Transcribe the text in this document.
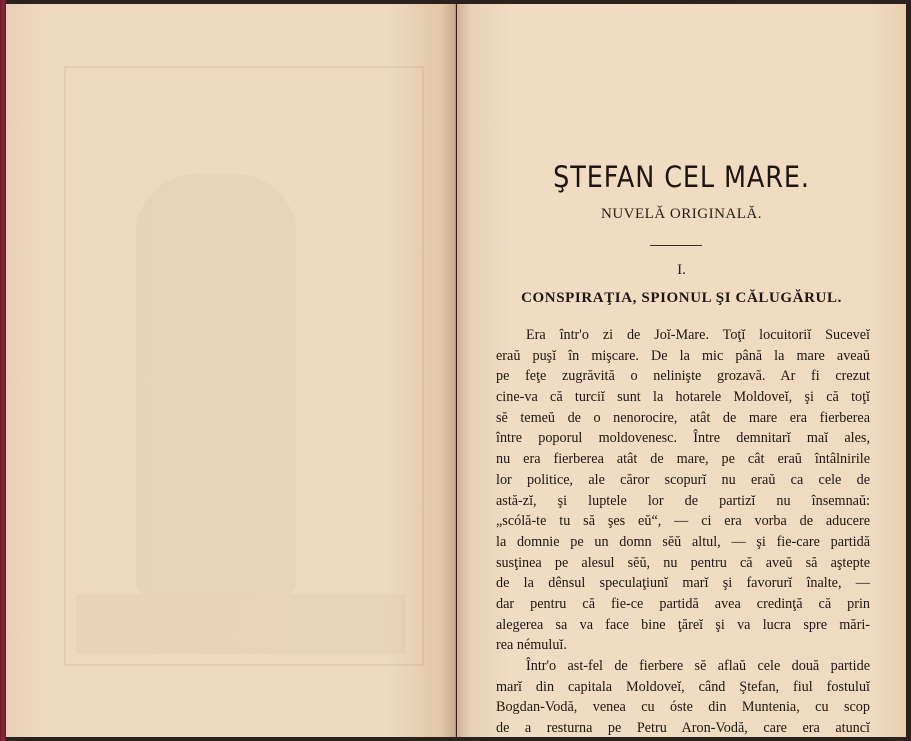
ŞTEFAN CEL MARE.
NUVELĂ ORIGINALĂ.
I.
CONSPIRAŢIA, SPIONUL ŞI CĂLUGĂRUL.
Era într'o zi de Joĭ-Mare. Toţĭ locuitoriĭ Suceveĭ
eraŭ puşĭ în mişcare. De la mic până la mare aveaŭ
pe feţe zugrăvită o nelinişte grozavă. Ar fi crezut
cine-va că turciĭ sunt la hotarele Moldoveĭ, şi că toţĭ
sĕ temeŭ de o nenorocire, atât de mare era fierberea
între poporul moldovenesc. Între demnitarĭ maĭ ales,
nu era fierberea atât de mare, pe cât eraŭ întâlnirile
lor politice, ale căror scopurĭ nu eraŭ ca cele de
astă-zĭ, şi luptele lor de partizĭ nu însemnaŭ:
„scólă-te tu să şes eŭ“, — ci era vorba de aducere
la domnie pe un domn sĕŭ altul, — şi fie-care partidă
susţinea pe alesul sĕŭ, nu pentru că aveŭ să aştepte
de la dênsul speculaţiunĭ marĭ şi favorurĭ înalte, —
dar pentru că fie-ce partidă avea credinţă că prin
alegerea sa va face bine ţăreĭ şi va lucra spre mări-
rea némuluĭ.
Într'o ast-fel de fierbere sĕ aflaŭ cele două partide
marĭ din capitala Moldoveĭ, când Ştefan, fiul fostuluĭ
Bogdan-Vodă, venea cu óste din Muntenia, cu scop
de a resturna pe Petru Aron-Vodă, care era atuncĭ
